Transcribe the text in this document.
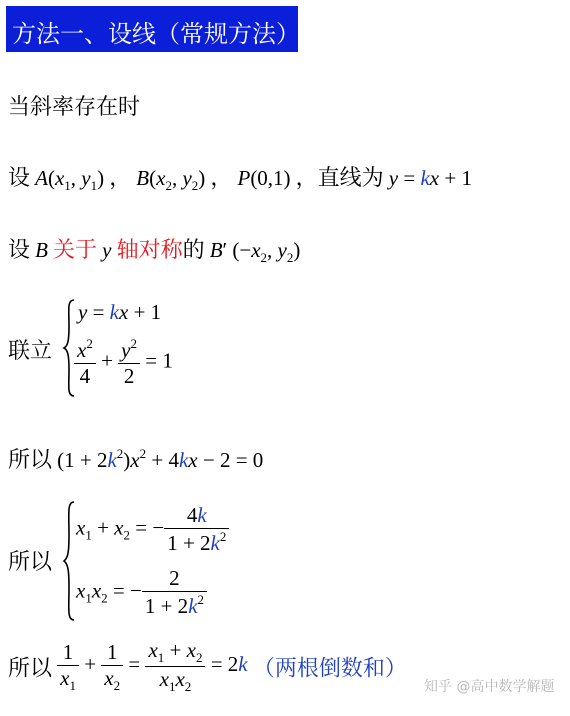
方法一、设线（常规方法）
当斜率存在时
设 $A(x_1$, $y_1$) ， $B(x_2$, $y_2$) ， P(0,1) ，直线为 y = kx + 1
设 B 关于 y 轴对称的 B′ ($-x_2$, $y_2$)
联立
y = kx + 1
$\frac{x^2}{4} + \frac{y^2}{2} = 1$
所以 $(1 + 2k^2)x^2 + 4kx - 2 = 0$
所以
$x_1 + x_2$ = − $\frac{4k}{1 + 2k^2}$
$x_1x_2$ = − $\frac{2}{1 + 2k^2}$
所以 $\frac{1}{x_1} + \frac{1}{x_2} = \frac{x_1 + x_2}{x_1x_2} = 2k$ （两根倒数和）
知乎 @高中数学解题
